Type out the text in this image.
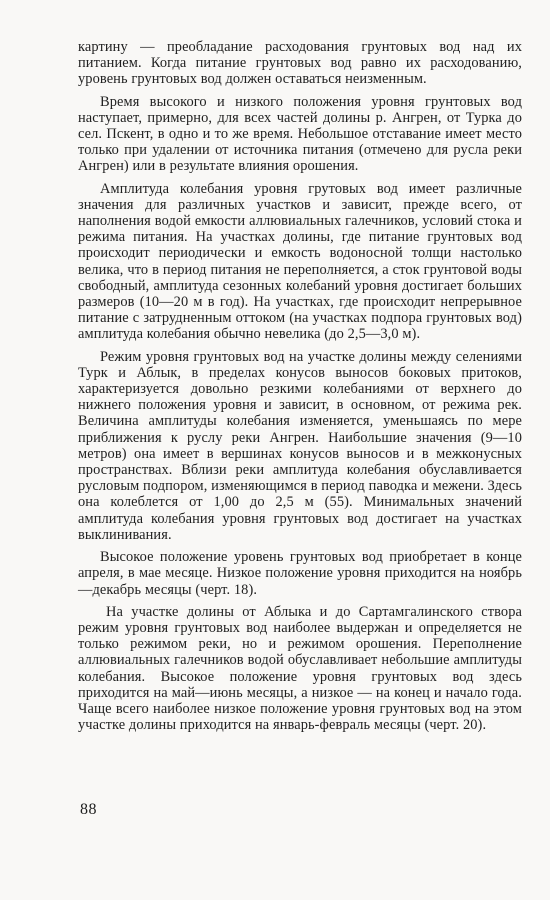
картину — преобладание расходования грунтовых вод над их питанием. Когда питание грунтовых вод равно их расходованию, уровень грунтовых вод должен оставаться неизменным.

Время высокого и низкого положения уровня грунтовых вод наступает, примерно, для всех частей долины р. Ангрен, от Турка до сел. Пскент, в одно и то же время. Небольшое отставание имеет место только при удалении от источника питания (отмечено для русла реки Ангрен) или в результате влияния орошения.

Амплитуда колебания уровня грутовых вод имеет различные значения для различных участков и зависит, прежде всего, от наполнения водой емкости аллювиальных галечников, условий стока и режима питания. На участках долины, где питание грунтовых вод происходит периодически и емкость водоносной толщи настолько велика, что в период питания не переполняется, а сток грунтовой воды свободный, амплитуда сезонных колебаний уровня достигает больших размеров (10—20 м в год). На участках, где происходит непрерывное питание с затрудненным оттоком (на участках подпора грунтовых вод) амплитуда колебания обычно невелика (до 2,5—3,0 м).

Режим уровня грунтовых вод на участке долины между селениями Турк и Аблык, в пределах конусов выносов боковых притоков, характеризуется довольно резкими колебаниями от верхнего до нижнего положения уровня и зависит, в основном, от режима рек. Величина амплитуды колебания изменяется, уменьшаясь по мере приближения к руслу реки Ангрен. Наибольшие значения (9—10 метров) она имеет в вершинах конусов выносов и в межконусных пространствах. Вблизи реки амплитуда колебания обуславливается русловым подпором, изменяющимся в период паводка и межени. Здесь она колеблется от 1,00 до 2,5 м (55). Минимальных значений амплитуда колебания уровня грунтовых вод достигает на участках выклинивания.

Высокое положение уровень грунтовых вод приобретает в конце апреля, в мае месяце. Низкое положение уровня приходится на ноябрь—декабрь месяцы (черт. 18).

На участке долины от Аблыка и до Сартамгалинского створа режим уровня грунтовых вод наиболее выдержан и определяется не только режимом реки, но и режимом орошения. Переполнение аллювиальных галечников водой обуславливает небольшие амплитуды колебания. Высокое положение уровня грунтовых вод здесь приходится на май—июнь месяцы, а низкое — на конец и начало года. Чаще всего наиболее низкое положение уровня грунтовых вод на этом участке долины приходится на январь-февраль месяцы (черт. 20).

88
